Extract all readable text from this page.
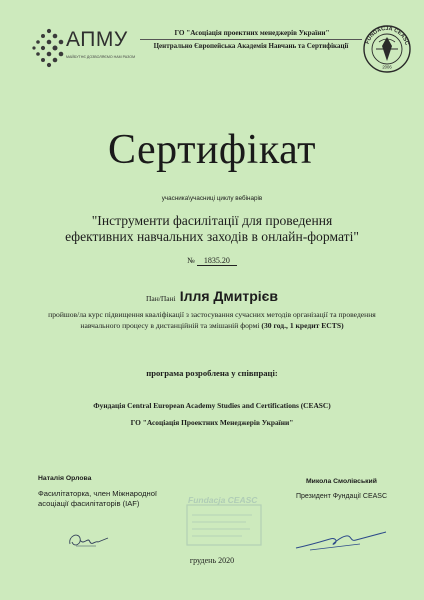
АПМУ
МАЙБУТНЄ ДОЗВОЛЯЄМО НАМ РАЗОМ
ГО "Асоціація проектних менеджерів України"
Центрально Європейська Академія Навчань та Сертифікації	FUNDACJA CEASC
2006
Сертифікат
учасника\учасниці циклу вебінарів
"Інструменти фасилітації для проведення ефективних навчальних заходів в онлайн-форматі"
№ 1835.20
Пан/Пані Ілля Дмитрієв
пройшов/ла курс підвищення кваліфікації з застосування сучасних методів організації та проведення навчального процесу в дистанційній та змішаній формі (30 год., 1 кредит ECTS)
програма розроблена у співпраці:
Фундація Central European Academy Studies and Certifications (CEASC)
ГО "Асоціація Проектних Менеджерів України"
Fundacja CEASC
Наталія Орлова
Фасилітаторка, член Міжнародної асоціації фасилітаторів (IAF)
Микола Смолівський
Президент Фундації CEASC
грудень 2020
